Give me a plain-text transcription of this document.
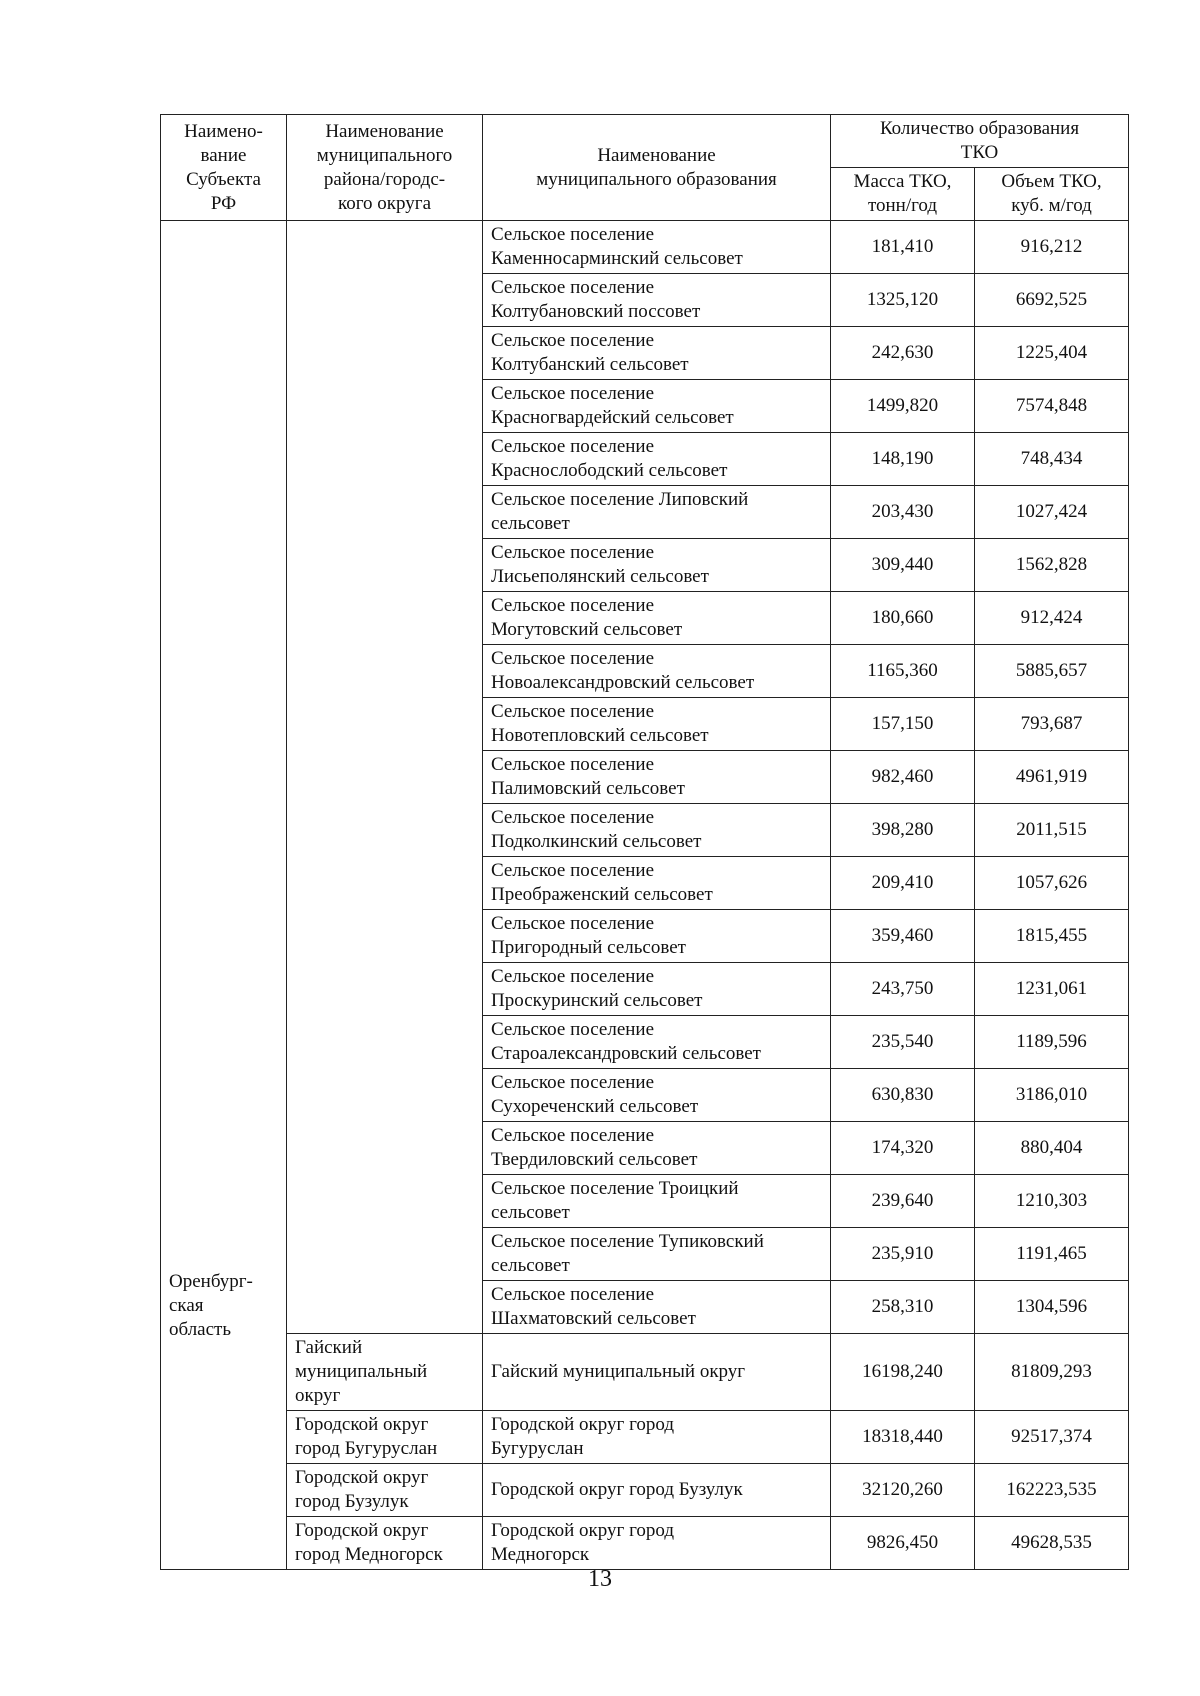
Наимено-
вание
Субъекта
РФ	Наименование
муниципального
района/городс-
кого округа	Наименование
муниципального образования	Количество образования
ТКО	
			Масса ТКО,
тонн/год	Объем ТКО,
куб. м/год

Оренбург-
ская
область		Сельское поселение
Каменносарминский сельсовет	181,410	916,212
		Сельское поселение
Колтубановский поссовет	1325,120	6692,525
		Сельское поселение
Колтубанский сельсовет	242,630	1225,404
		Сельское поселение
Красногвардейский сельсовет	1499,820	7574,848
		Сельское поселение
Краснослободский сельсовет	148,190	748,434
		Сельское поселение Липовский
сельсовет	203,430	1027,424
		Сельское поселение
Лисьеполянский сельсовет	309,440	1562,828
		Сельское поселение
Могутовский сельсовет	180,660	912,424
		Сельское поселение
Новоалександровский сельсовет	1165,360	5885,657
		Сельское поселение
Новотепловский сельсовет	157,150	793,687
		Сельское поселение
Палимовский сельсовет	982,460	4961,919
		Сельское поселение
Подколкинский сельсовет	398,280	2011,515
		Сельское поселение
Преображенский сельсовет	209,410	1057,626
		Сельское поселение
Пригородный сельсовет	359,460	1815,455
		Сельское поселение
Проскуринский сельсовет	243,750	1231,061
		Сельское поселение
Староалександровский сельсовет	235,540	1189,596
		Сельское поселение
Сухореченский сельсовет	630,830	3186,010
		Сельское поселение
Твердиловский сельсовет	174,320	880,404
		Сельское поселение Троицкий
сельсовет	239,640	1210,303
		Сельское поселение Тупиковский
сельсовет	235,910	1191,465
		Сельское поселение
Шахматовский сельсовет	258,310	1304,596
	Гайский
муниципальный
округ	Гайский муниципальный округ	16198,240	81809,293
	Городской округ
город Бугуруслан	Городской округ город
Бугуруслан	18318,440	92517,374
	Городской округ
город Бузулук	Городской округ город Бузулук	32120,260	162223,535
	Городской округ
город Медногорск	Городской округ город
Медногорск	9826,450	49628,535
13
